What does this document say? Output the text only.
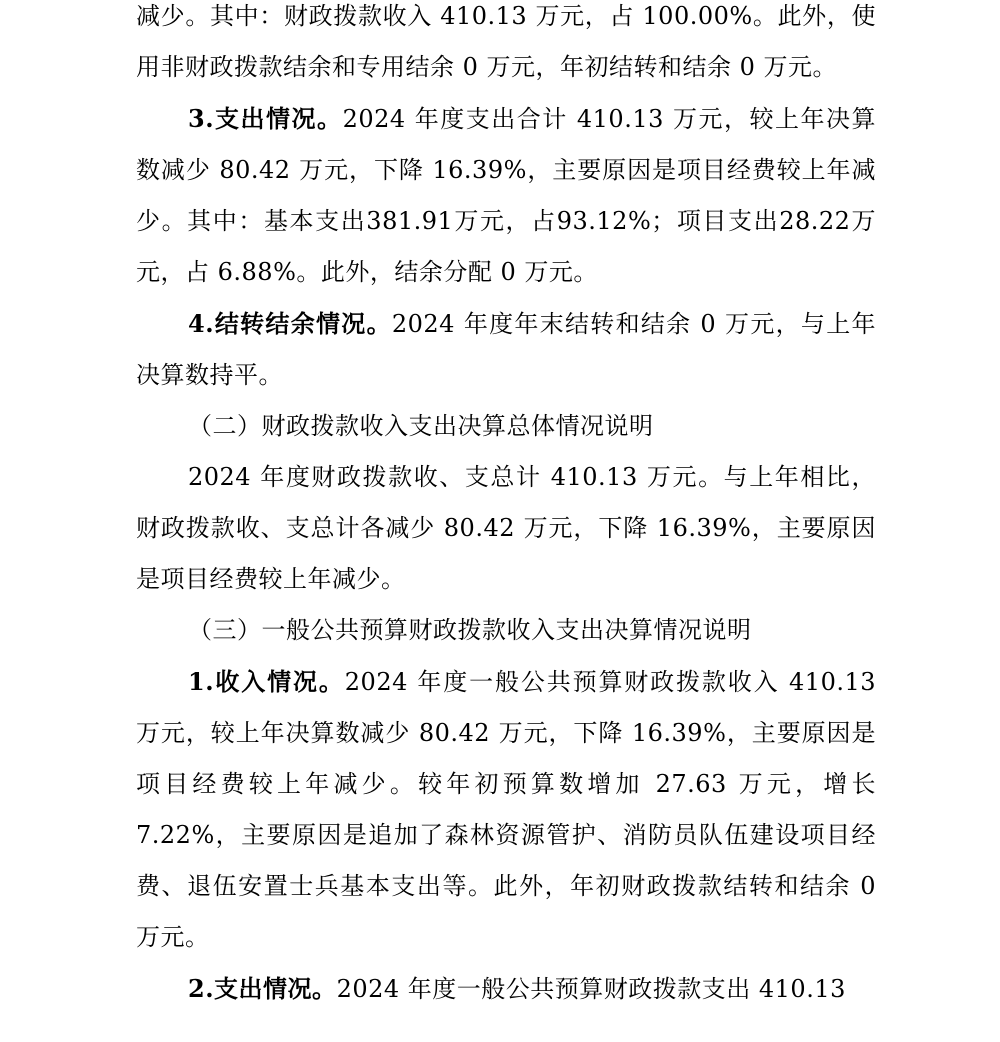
减少。其中：财政拨款收入 410.13 万元，占 100.00%。此外，使用非财政拨款结余和专用结余 0 万元，年初结转和结余 0 万元。

3.支出情况。2024 年度支出合计 410.13 万元，较上年决算数减少 80.42 万元，下降 16.39%，主要原因是项目经费较上年减少。其中：基本支出381.91万元，占93.12%；项目支出28.22万元，占 6.88%。此外，结余分配 0 万元。

4.结转结余情况。2024 年度年末结转和结余 0 万元，与上年决算数持平。

（二）财政拨款收入支出决算总体情况说明

2024 年度财政拨款收、支总计 410.13 万元。与上年相比，财政拨款收、支总计各减少 80.42 万元，下降 16.39%，主要原因是项目经费较上年减少。

（三）一般公共预算财政拨款收入支出决算情况说明

1.收入情况。2024 年度一般公共预算财政拨款收入 410.13 万元，较上年决算数减少 80.42 万元，下降 16.39%，主要原因是项目经费较上年减少。较年初预算数增加 27.63 万元，增长 7.22%，主要原因是追加了森林资源管护、消防员队伍建设项目经费、退伍安置士兵基本支出等。此外，年初财政拨款结转和结余 0 万元。

2.支出情况。2024 年度一般公共预算财政拨款支出 410.13
